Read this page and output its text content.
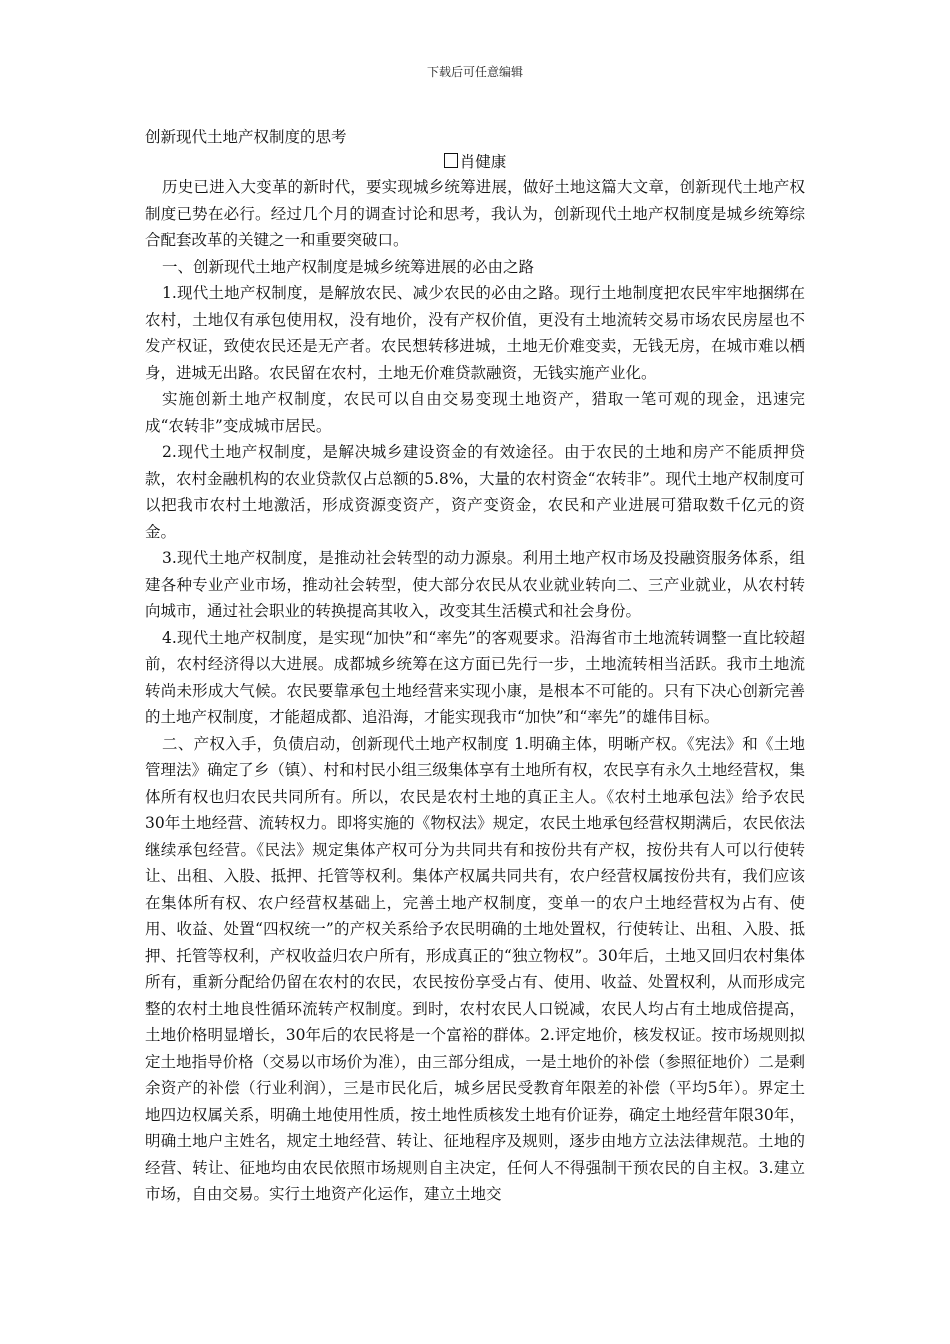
下载后可任意编辑
创新现代土地产权制度的思考
肖健康

历史已进入大变革的新时代，要实现城乡统筹进展，做好土地这篇大文章，创新现代土地产权制度已势在必行。经过几个月的调查讨论和思考，我认为，创新现代土地产权制度是城乡统筹综合配套改革的关键之一和重要突破口。

一、创新现代土地产权制度是城乡统筹进展的必由之路

1.现代土地产权制度，是解放农民、减少农民的必由之路。现行土地制度把农民牢牢地捆绑在农村，土地仅有承包使用权，没有地价，没有产权价值，更没有土地流转交易市场农民房屋也不发产权证，致使农民还是无产者。农民想转移进城，土地无价难变卖，无钱无房，在城市难以栖身，进城无出路。农民留在农村，土地无价难贷款融资，无钱实施产业化。

实施创新土地产权制度，农民可以自由交易变现土地资产，猎取一笔可观的现金，迅速完成“农转非”变成城市居民。

2.现代土地产权制度，是解决城乡建设资金的有效途径。由于农民的土地和房产不能质押贷款，农村金融机构的农业贷款仅占总额的5.8%，大量的农村资金“农转非”。现代土地产权制度可以把我市农村土地激活，形成资源变资产，资产变资金，农民和产业进展可猎取数千亿元的资金。

3.现代土地产权制度，是推动社会转型的动力源泉。利用土地产权市场及投融资服务体系，组建各种专业产业市场，推动社会转型，使大部分农民从农业就业转向二、三产业就业，从农村转向城市，通过社会职业的转换提高其收入，改变其生活模式和社会身份。

4.现代土地产权制度，是实现“加快”和“率先”的客观要求。沿海省市土地流转调整一直比较超前，农村经济得以大进展。成都城乡统筹在这方面已先行一步，土地流转相当活跃。我市土地流转尚未形成大气候。农民要靠承包土地经营来实现小康，是根本不可能的。只有下决心创新完善的土地产权制度，才能超成都、追沿海，才能实现我市“加快”和“率先”的雄伟目标。

二、产权入手，负债启动，创新现代土地产权制度 1.明确主体，明晰产权。《宪法》和《土地管理法》确定了乡（镇）、村和村民小组三级集体享有土地所有权，农民享有永久土地经营权，集体所有权也归农民共同所有。所以，农民是农村土地的真正主人。《农村土地承包法》给予农民30年土地经营、流转权力。即将实施的《物权法》规定，农民土地承包经营权期满后，农民依法继续承包经营。《民法》规定集体产权可分为共同共有和按份共有产权，按份共有人可以行使转让、出租、入股、抵押、托管等权利。集体产权属共同共有，农户经营权属按份共有，我们应该在集体所有权、农户经营权基础上，完善土地产权制度，变单一的农户土地经营权为占有、使用、收益、处置“四权统一”的产权关系给予农民明确的土地处置权，行使转让、出租、入股、抵押、托管等权利，产权收益归农户所有，形成真正的“独立物权”。30年后，土地又回归农村集体所有，重新分配给仍留在农村的农民，农民按份享受占有、使用、收益、处置权利，从而形成完整的农村土地良性循环流转产权制度。到时，农村农民人口锐减，农民人均占有土地成倍提高，土地价格明显增长，30年后的农民将是一个富裕的群体。2.评定地价，核发权证。按市场规则拟定土地指导价格（交易以市场价为准），由三部分组成，一是土地价的补偿（参照征地价）二是剩余资产的补偿（行业利润），三是市民化后，城乡居民受教育年限差的补偿（平均5年）。界定土地四边权属关系，明确土地使用性质，按土地性质核发土地有价证券，确定土地经营年限30年，明确土地户主姓名，规定土地经营、转让、征地程序及规则，逐步由地方立法法律规范。土地的经营、转让、征地均由农民依照市场规则自主决定，任何人不得强制干预农民的自主权。3.建立市场，自由交易。实行土地资产化运作，建立土地交
